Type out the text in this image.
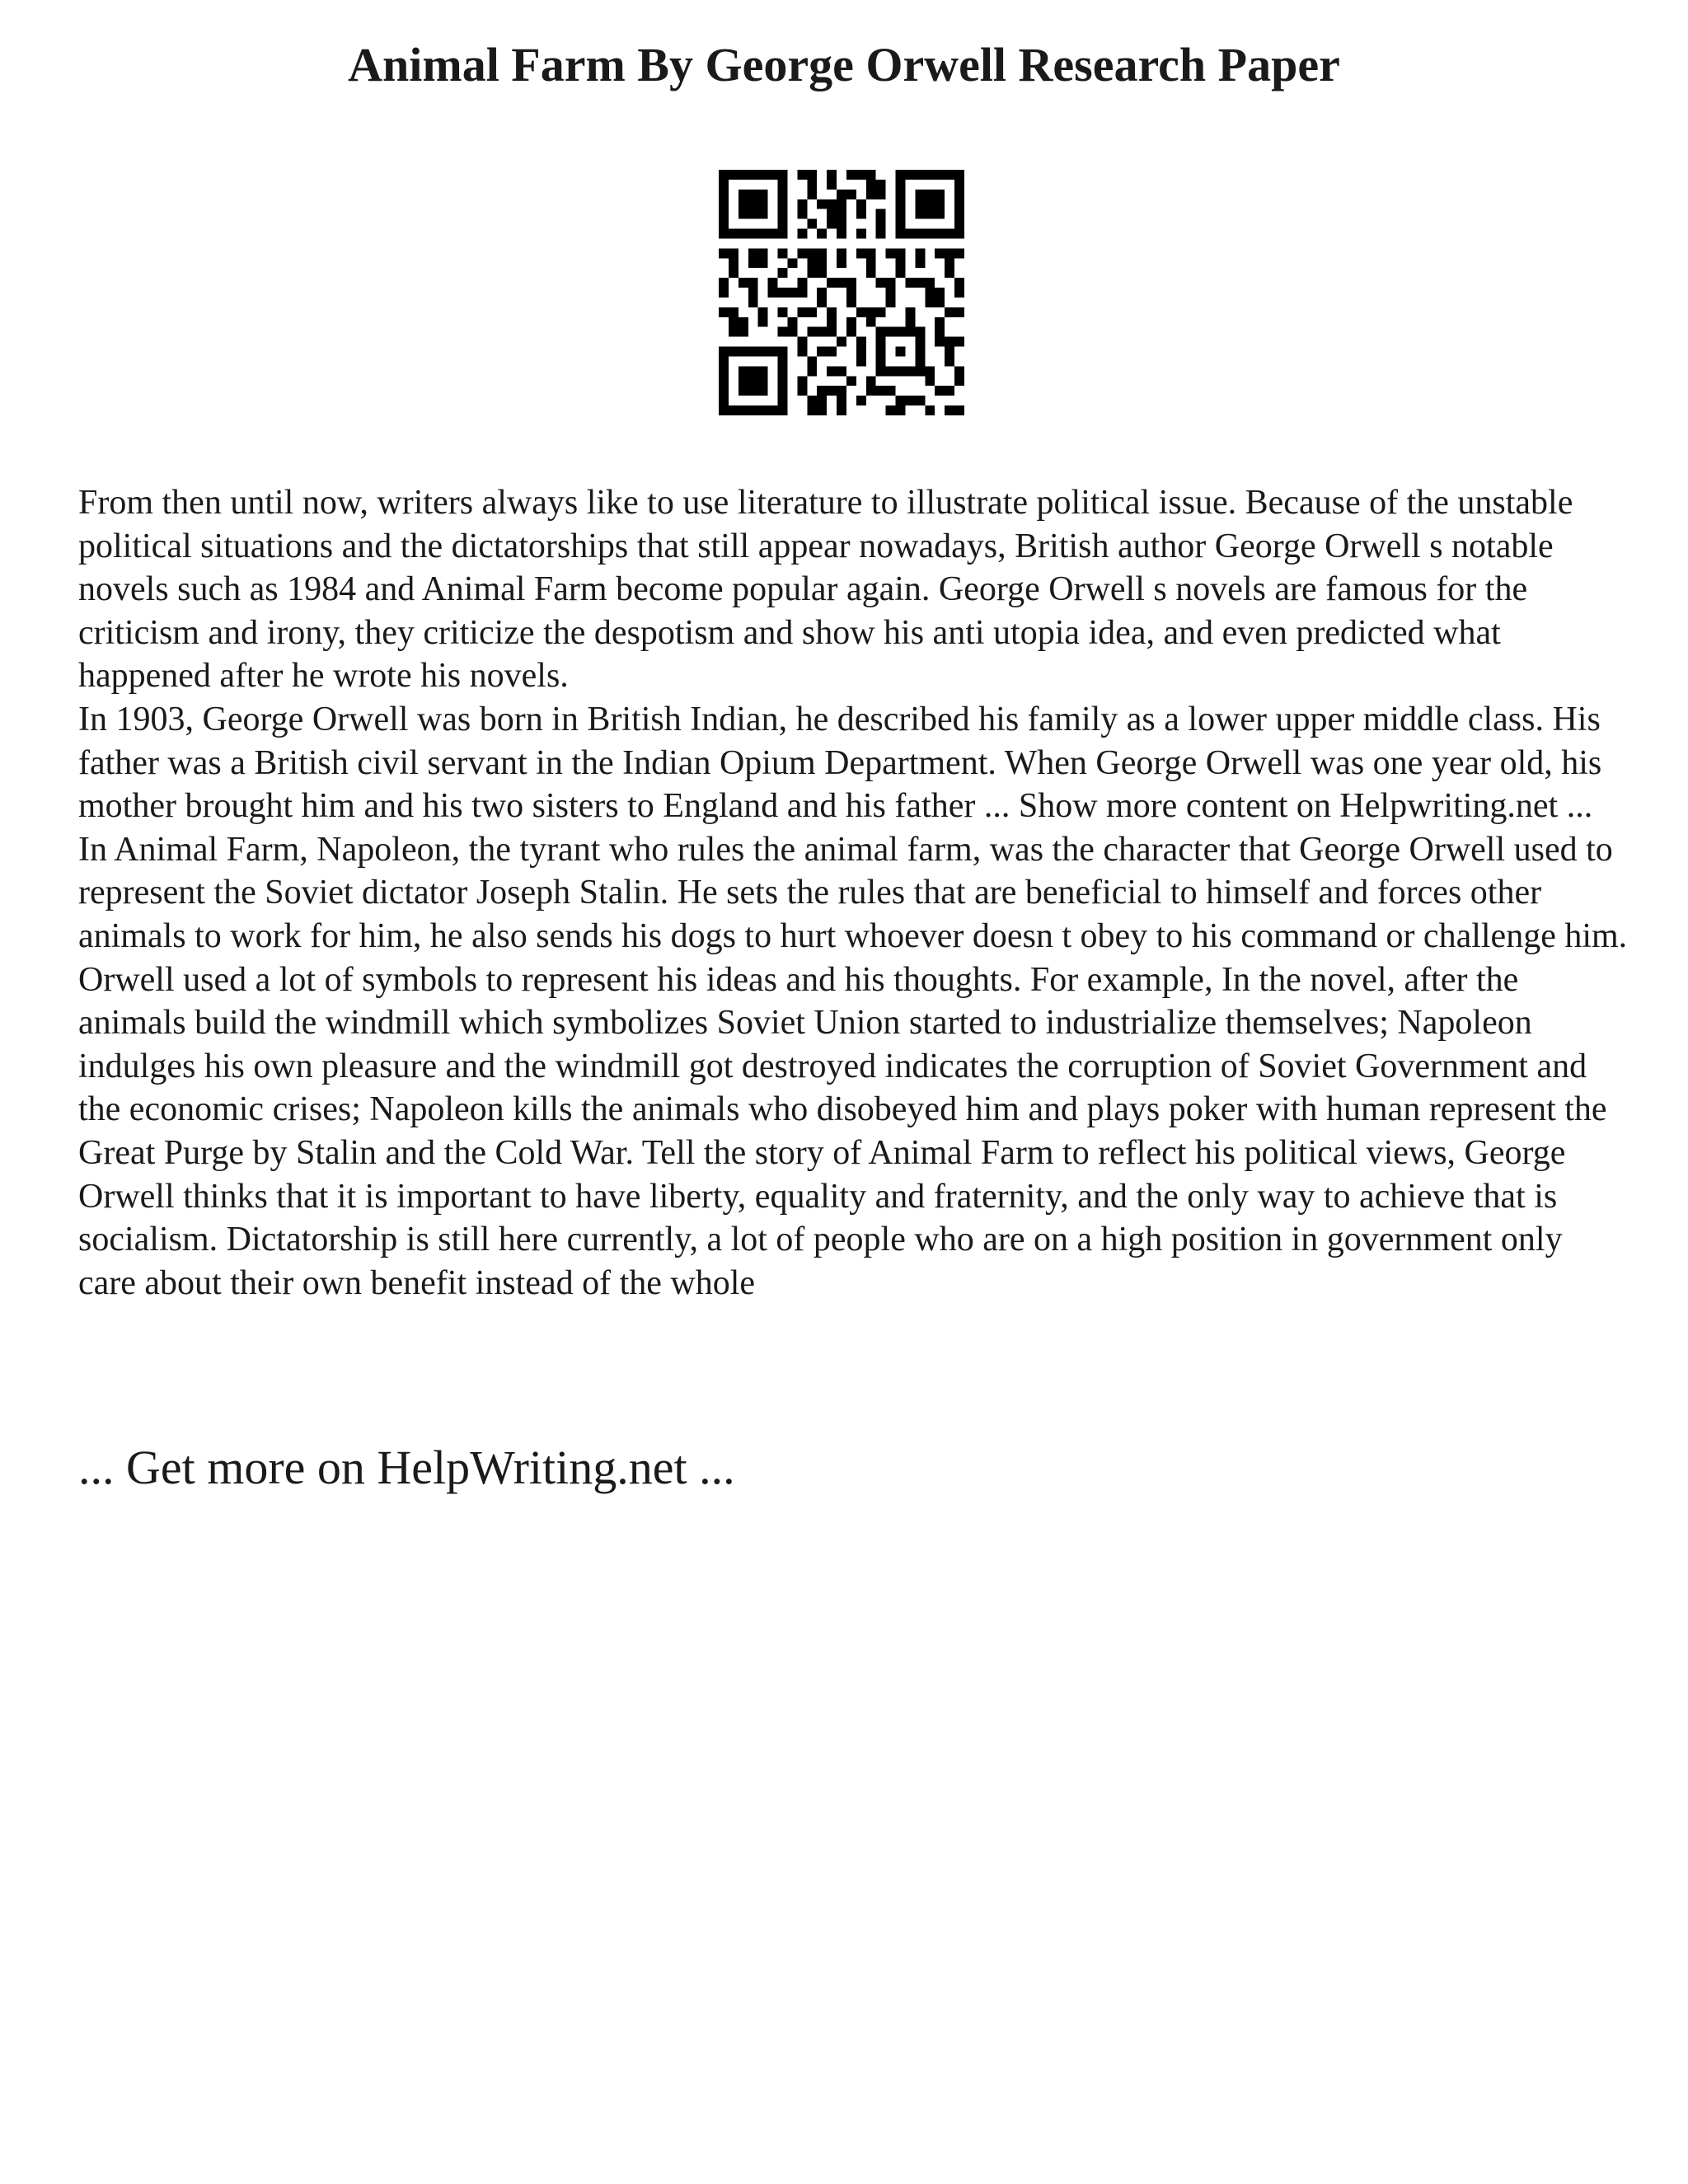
Animal Farm By George Orwell Research Paper

From then until now, writers always like to use literature to illustrate political issue. Because of the unstable political situations and the dictatorships that still appear nowadays, British author George Orwell s notable novels such as 1984 and Animal Farm become popular again. George Orwell s novels are famous for the criticism and irony, they criticize the despotism and show his anti utopia idea, and even predicted what happened after he wrote his novels.

In 1903, George Orwell was born in British Indian, he described his family as a lower upper middle class. His father was a British civil servant in the Indian Opium Department. When George Orwell was one year old, his mother brought him and his two sisters to England and his father ... Show more content on Helpwriting.net ...

In Animal Farm, Napoleon, the tyrant who rules the animal farm, was the character that George Orwell used to represent the Soviet dictator Joseph Stalin. He sets the rules that are beneficial to himself and forces other animals to work for him, he also sends his dogs to hurt whoever doesn t obey to his command or challenge him. Orwell used a lot of symbols to represent his ideas and his thoughts. For example, In the novel, after the animals build the windmill which symbolizes Soviet Union started to industrialize themselves; Napoleon indulges his own pleasure and the windmill got destroyed indicates the corruption of Soviet Government and the economic crises; Napoleon kills the animals who disobeyed him and plays poker with human represent the Great Purge by Stalin and the Cold War. Tell the story of Animal Farm to reflect his political views, George Orwell thinks that it is important to have liberty, equality and fraternity, and the only way to achieve that is socialism. Dictatorship is still here currently, a lot of people who are on a high position in government only care about their own benefit instead of the whole

... Get more on HelpWriting.net ...
